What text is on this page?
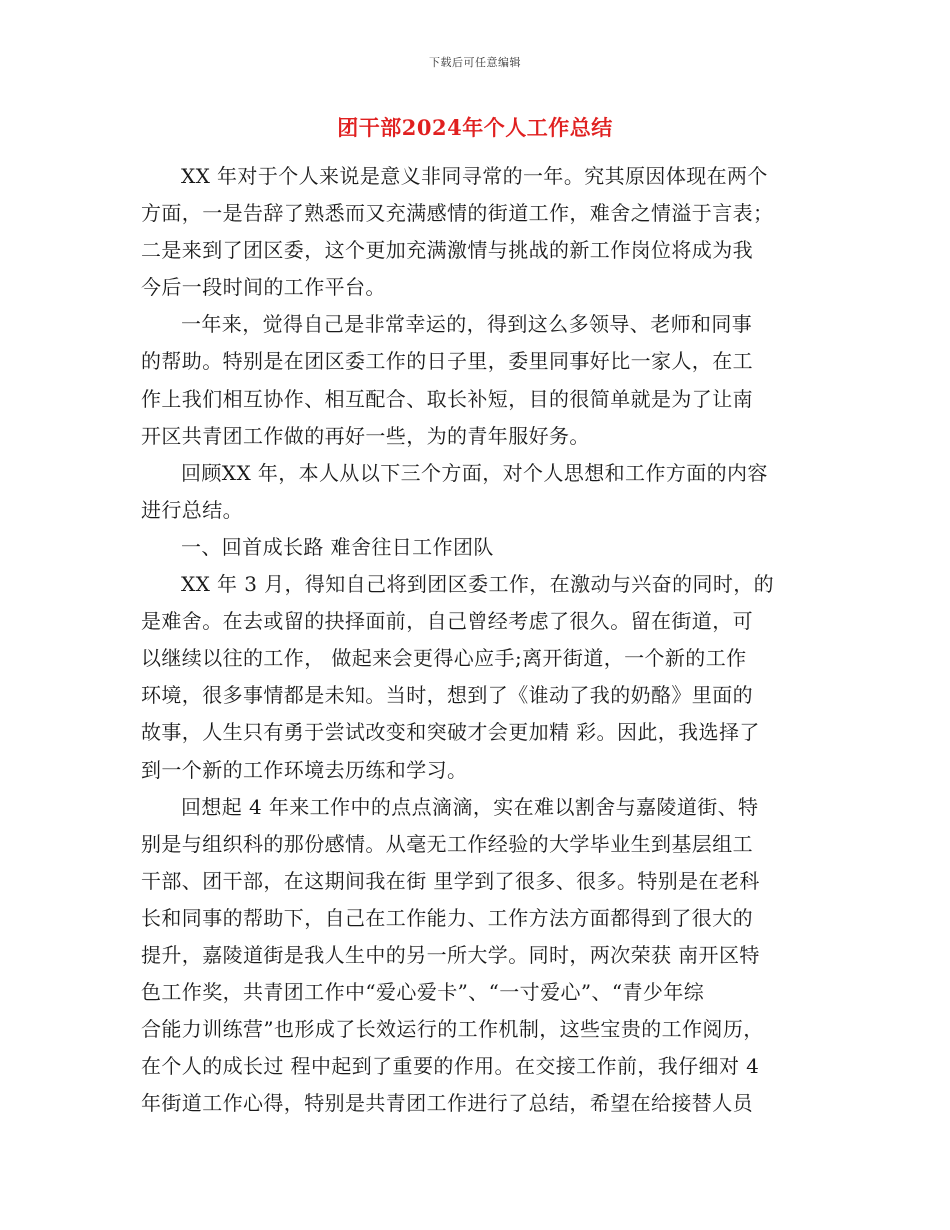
下载后可任意编辑
团干部2024年个人工作总结

XX 年对于个人来说是意义非同寻常的一年。究其原因体现在两个
方面，一是告辞了熟悉而又充满感情的街道工作，难舍之情溢于言表；
二是来到了团区委，这个更加充满激情与挑战的新工作岗位将成为我
今后一段时间的工作平台。

一年来，觉得自己是非常幸运的，得到这么多领导、老师和同事
的帮助。特别是在团区委工作的日子里，委里同事好比一家人，在工
作上我们相互协作、相互配合、取长补短，目的很简单就是为了让南
开区共青团工作做的再好一些，为的青年服好务。

回顾XX 年，本人从以下三个方面，对个人思想和工作方面的内容
进行总结。

一、回首成长路 难舍往日工作团队

XX 年 3 月，得知自己将到团区委工作，在激动与兴奋的同时，的
是难舍。在去或留的抉择面前，自己曾经考虑了很久。留在街道，可
以继续以往的工作， 做起来会更得心应手;离开街道，一个新的工作
环境，很多事情都是未知。当时，想到了《谁动了我的奶酪》里面的
故事，人生只有勇于尝试改变和突破才会更加精 彩。因此，我选择了
到一个新的工作环境去历练和学习。

回想起 4 年来工作中的点点滴滴，实在难以割舍与嘉陵道街、特
别是与组织科的那份感情。从毫无工作经验的大学毕业生到基层组工
干部、团干部，在这期间我在街 里学到了很多、很多。特别是在老科
长和同事的帮助下，自己在工作能力、工作方法方面都得到了很大的
提升，嘉陵道街是我人生中的另一所大学。同时，两次荣获 南开区特
色工作奖，共青团工作中“爱心爱卡”、“一寸爱心”、“青少年综
合能力训练营”也形成了长效运行的工作机制，这些宝贵的工作阅历，
在个人的成长过 程中起到了重要的作用。在交接工作前，我仔细对 4
年街道工作心得，特别是共青团工作进行了总结，希望在给接替人员
